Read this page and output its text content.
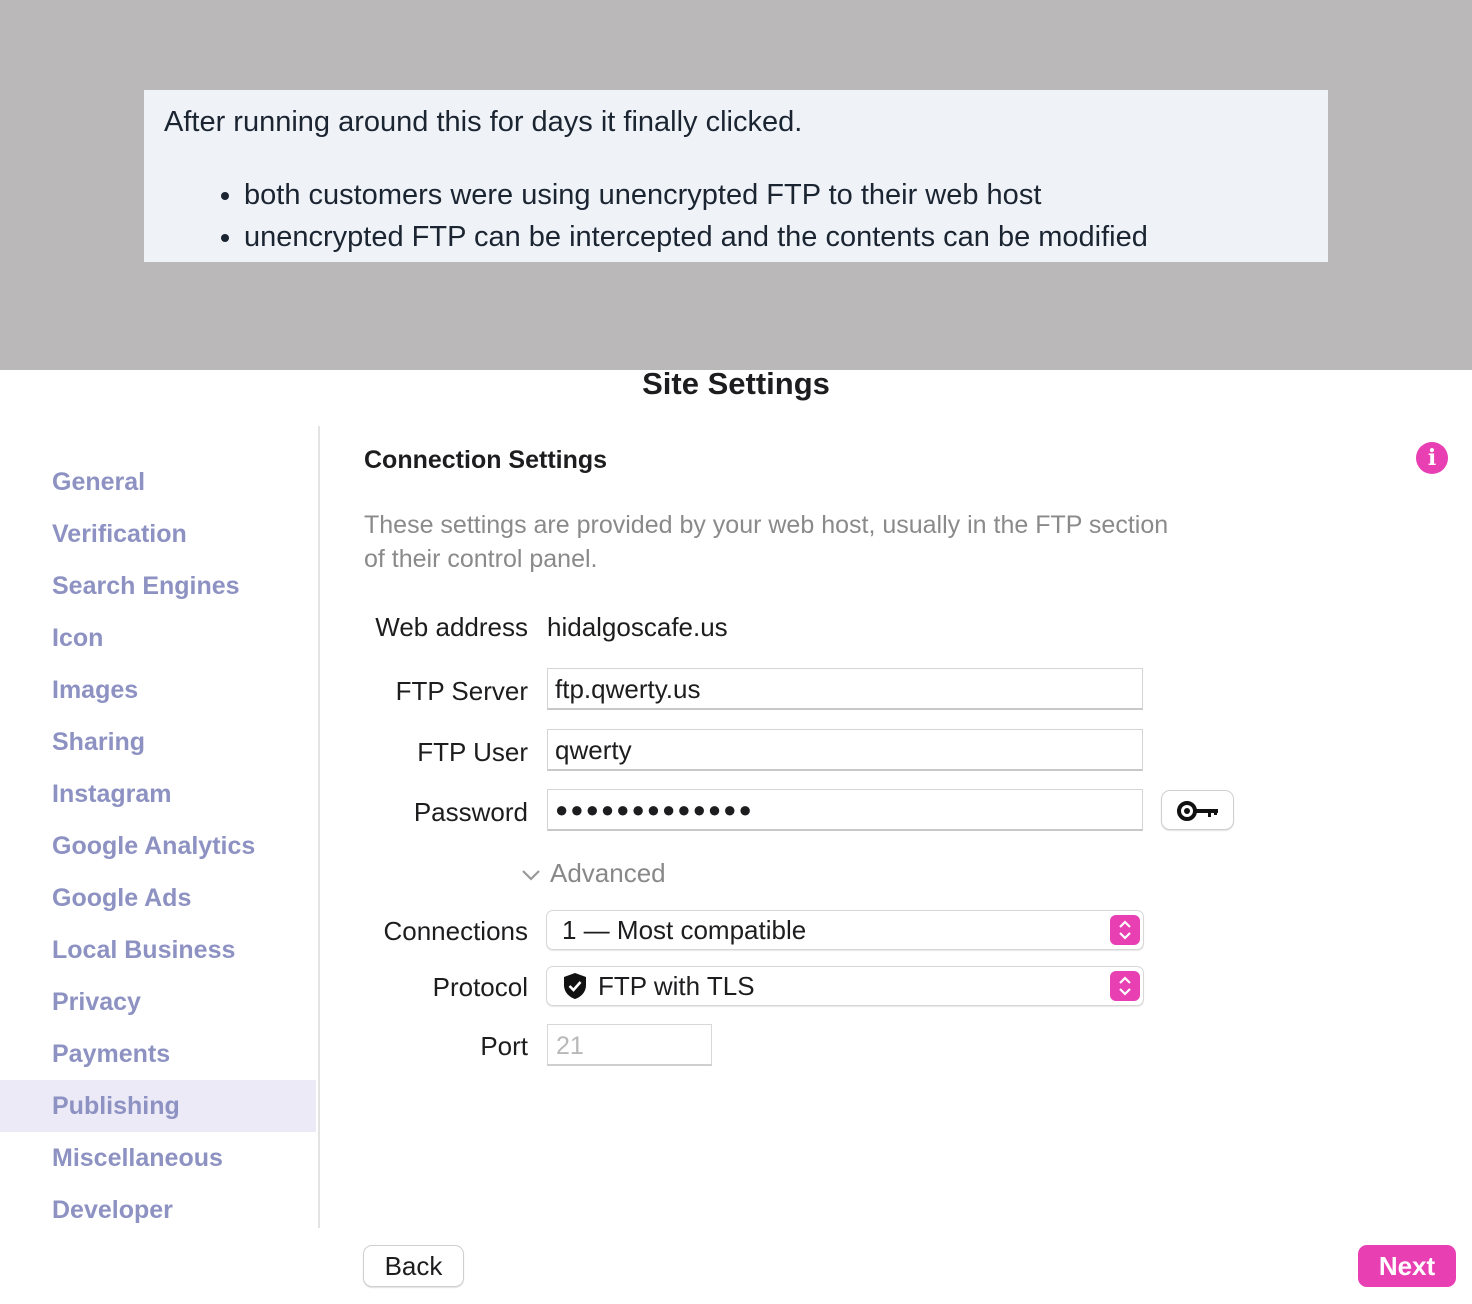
After running around this for days it finally clicked.

• both customers were using unencrypted FTP to their web host
• unencrypted FTP can be intercepted and the contents can be modified
Site Settings
General
Verification
Search Engines
Icon
Images
Sharing
Instagram
Google Analytics
Google Ads
Local Business
Privacy
Payments
Publishing
Miscellaneous
Developer
Connection Settings	i
These settings are provided by your web host, usually in the FTP section of their control panel.
Web address hidalgoscafe.us
FTP Server	ftp.qwerty.us
FTP User	qwerty
Password	●●●●●●●●●●●●●
Advanced
Connections	1 — Most compatible
Protocol	FTP with TLS
Port	21
Back	Next
